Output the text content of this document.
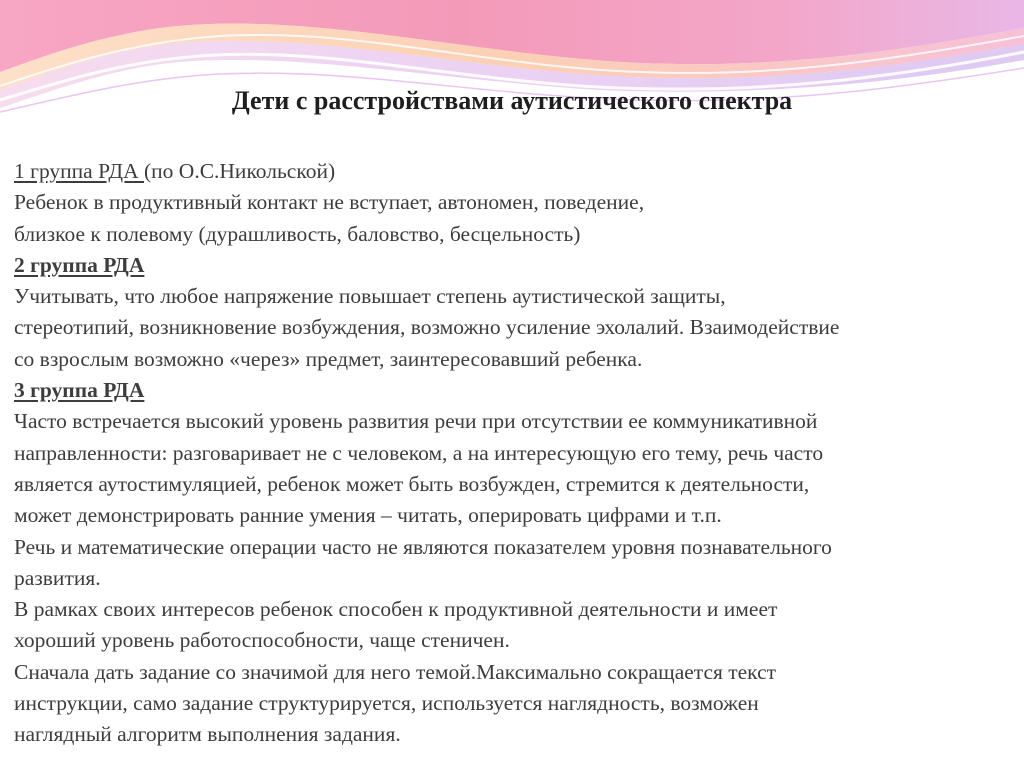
Дети с расстройствами аутистического спектра
1 группа РДА (по О.С.Никольской)
Ребенок в продуктивный контакт не вступает, автономен, поведение,
близкое к полевому (дурашливость, баловство, бесцельность)
2 группа РДА
Учитывать, что любое напряжение повышает степень аутистической защиты,
стереотипий, возникновение возбуждения, возможно усиление эхолалий. Взаимодействие
со взрослым возможно «через» предмет, заинтересовавший ребенка.
3 группа РДА
Часто встречается высокий уровень развития речи при отсутствии ее коммуникативной
направленности: разговаривает не с человеком, а на интересующую его тему, речь часто
является аутостимуляцией, ребенок может быть возбужден, стремится к деятельности,
может демонстрировать ранние умения – читать, оперировать цифрами и т.п.
Речь и математические операции часто не являются показателем уровня познавательного
развития.
В рамках своих интересов ребенок способен к продуктивной деятельности и имеет
хороший уровень работоспособности, чаще стеничен.
Сначала дать задание со значимой для него темой.Максимально сокращается текст
инструкции, само задание структурируется, используется наглядность, возможен
наглядный алгоритм выполнения задания.
